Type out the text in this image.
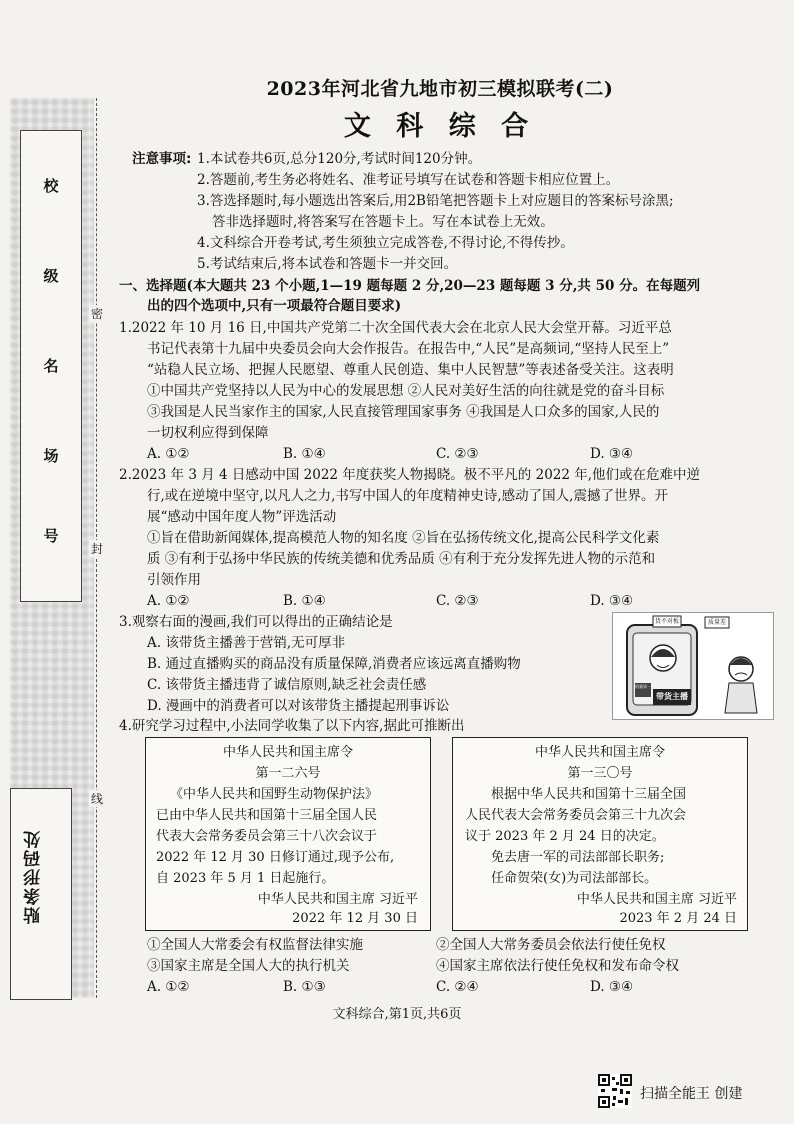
校
级
名
场
号
贴条形码处
密
封
线
2023年河北省九地市初三模拟联考(二)
文 科 综 合
注意事项: 1.本试卷共6页,总分120分,考试时间120分钟。
2.答题前,考生务必将姓名、准考证号填写在试卷和答题卡相应位置上。
3.答选择题时,每小题选出答案后,用2B铅笔把答题卡上对应题目的答案标号涂黑;
答非选择题时,将答案写在答题卡上。写在本试卷上无效。
4.文科综合开卷考试,考生须独立完成答卷,不得讨论,不得传抄。
5.考试结束后,将本试卷和答题卡一并交回。
一、选择题(本大题共 23 个小题,1—19 题每题 2 分,20—23 题每题 3 分,共 50 分。在每题列
出的四个选项中,只有一项最符合题目要求)
1.2022 年 10 月 16 日,中国共产党第二十次全国代表大会在北京人民大会堂开幕。习近平总
书记代表第十九届中央委员会向大会作报告。在报告中,“人民”是高频词,“坚持人民至上”
“站稳人民立场、把握人民愿望、尊重人民创造、集中人民智慧”等表述备受关注。这表明
①中国共产党坚持以人民为中心的发展思想 ②人民对美好生活的向往就是党的奋斗目标
③我国是人民当家作主的国家,人民直接管理国家事务 ④我国是人口众多的国家,人民的
一切权利应得到保障
A. ①②	B. ①④	C. ②③	D. ③④
2.2023 年 3 月 4 日感动中国 2022 年度获奖人物揭晓。极不平凡的 2022 年,他们或在危难中逆
行,或在逆境中坚守,以凡人之力,书写中国人的年度精神史诗,感动了国人,震撼了世界。开
展“感动中国年度人物”评选活动
①旨在借助新闻媒体,提高模范人物的知名度 ②旨在弘扬传统文化,提高公民科学文化素
质 ③有利于弘扬中华民族的传统美德和优秀品质 ④有利于充分发挥先进人物的示范和
引领作用
A. ①②	B. ①④	C. ②③	D. ③④
3.观察右面的漫画,我们可以得出的正确结论是
A. 该带货主播善于营销,无可厚非
B. 通过直播购买的商品没有质量保障,消费者应该远离直播购物
C. 该带货主播违背了诚信原则,缺乏社会责任感
D. 漫画中的消费者可以对该带货主播提起刑事诉讼
货不对板	质量差
带货主播
销量第一
4.研究学习过程中,小法同学收集了以下内容,据此可推断出
中华人民共和国主席令
第一二六号
《中华人民共和国野生动物保护法》
已由中华人民共和国第十三届全国人民
代表大会常务委员会第三十八次会议于
2022 年 12 月 30 日修订通过,现予公布,
自 2023 年 5 月 1 日起施行。
中华人民共和国主席 习近平
2022 年 12 月 30 日
中华人民共和国主席令
第一三〇号
根据中华人民共和国第十三届全国
人民代表大会常务委员会第三十九次会
议于 2023 年 2 月 24 日的决定。
免去唐一军的司法部部长职务;
任命贺荣(女)为司法部部长。
中华人民共和国主席 习近平
2023 年 2 月 24 日
①全国人大常委会有权监督法律实施	②全国人大常务委员会依法行使任免权
③国家主席是全国人大的执行机关	④国家主席依法行使任免权和发布命令权
A. ①②	B. ①③	C. ②④	D. ③④
文科综合,第1页,共6页
扫描全能王 创建
